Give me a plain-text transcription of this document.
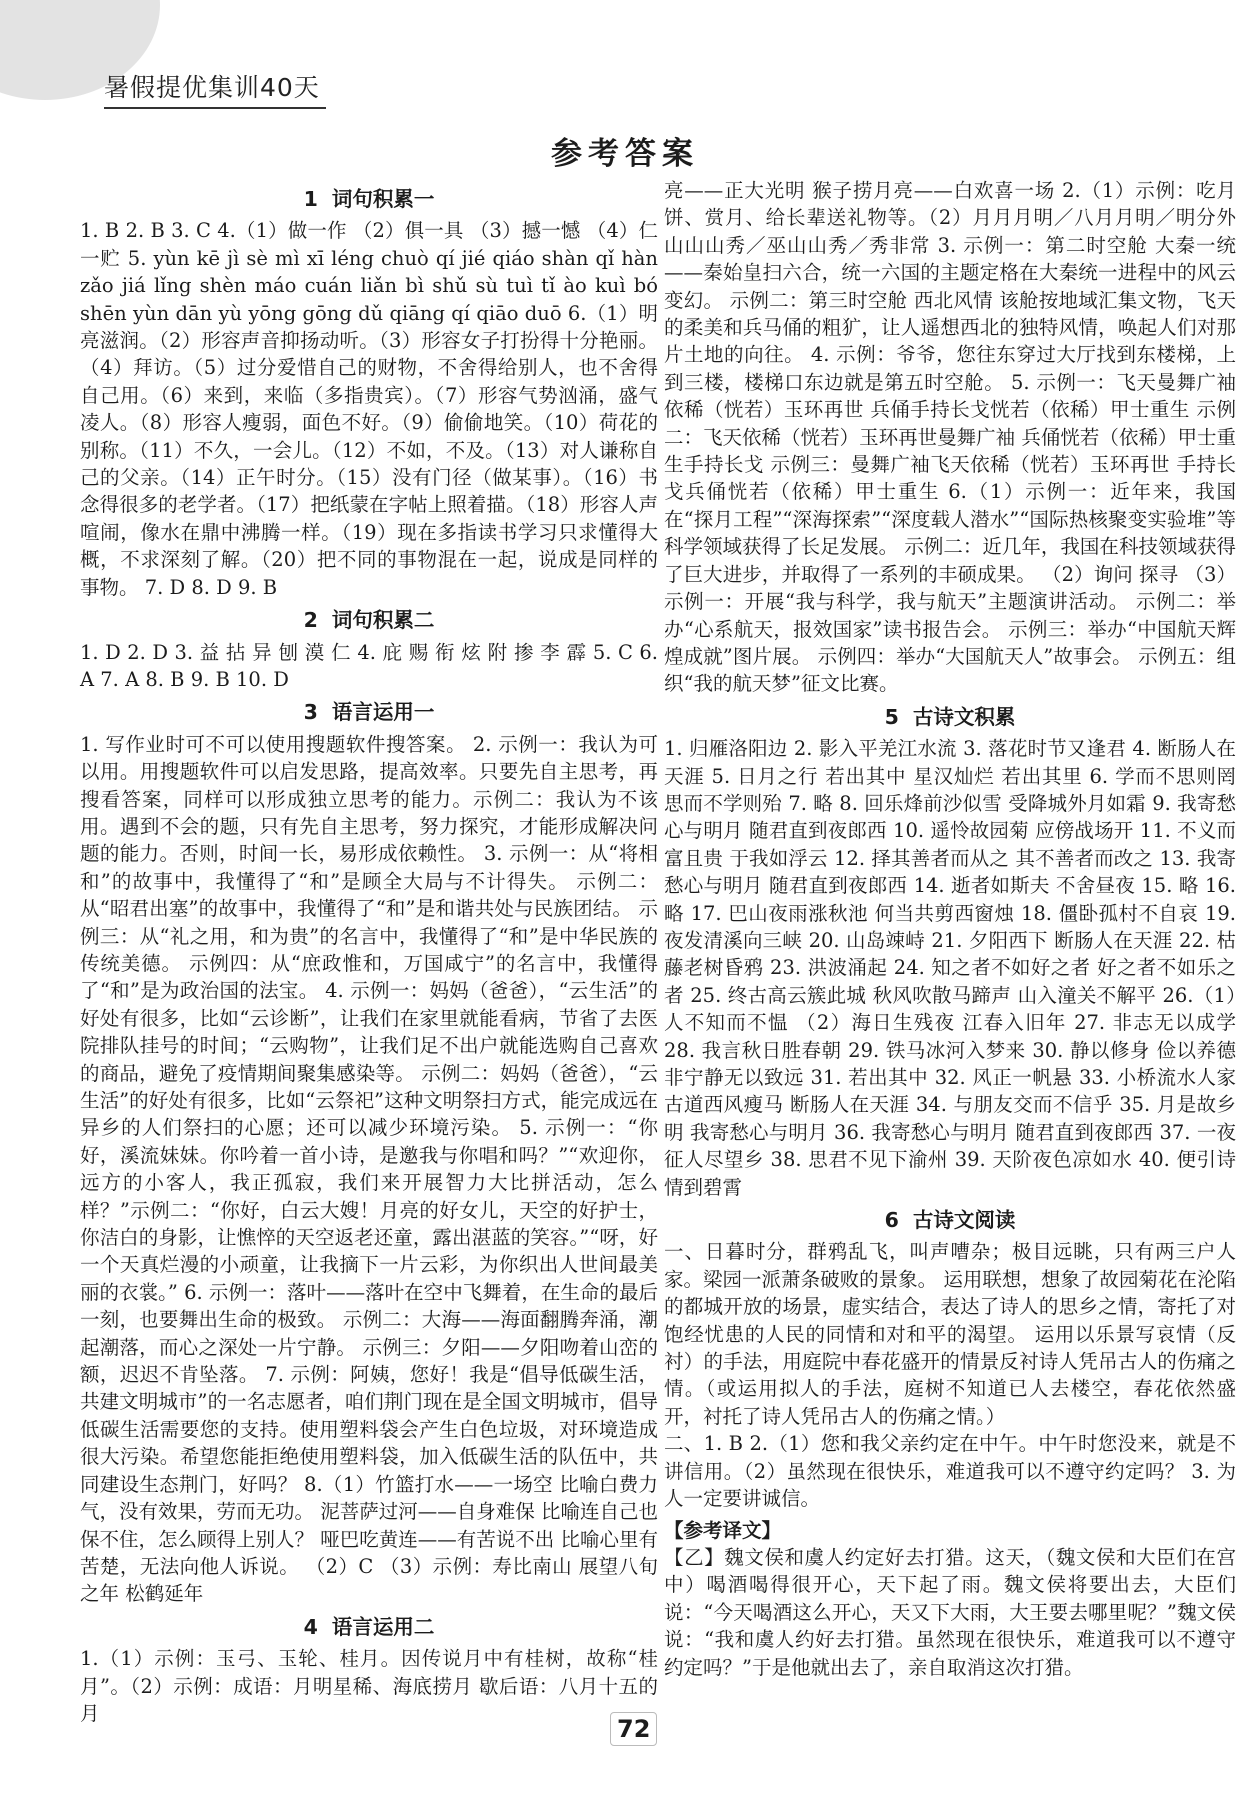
暑假提优集训40天
参考答案
1 词句积累一

1. B 2. B 3. C 4.（1）做一作 （2）俱一具 （3）撼一憾 （4）仁一贮 5. yùn kē jì sè mì xī léng chuò qí jié qiáo shàn qǐ hàn zǎo jiá lǐng shèn máo cuán liǎn bì shǔ sù tuì tǐ ào kuì bó shēn yùn dān yù yōng gōng dǔ qiāng qí qiāo duō 6.（1）明亮滋润。（2）形容声音抑扬动听。（3）形容女子打扮得十分艳丽。（4）拜访。（5）过分爱惜自己的财物，不舍得给别人，也不舍得自己用。（6）来到，来临（多指贵宾）。（7）形容气势汹涌，盛气凌人。（8）形容人瘦弱，面色不好。（9）偷偷地笑。（10）荷花的别称。（11）不久，一会儿。（12）不如，不及。（13）对人谦称自己的父亲。（14）正午时分。（15）没有门径（做某事）。（16）书念得很多的老学者。（17）把纸蒙在字帖上照着描。（18）形容人声喧闹，像水在鼎中沸腾一样。（19）现在多指读书学习只求懂得大概，不求深刻了解。（20）把不同的事物混在一起，说成是同样的事物。 7. D 8. D 9. B

2 词句积累二

1. D 2. D 3. 益 拈 异 刨 漠 仁 4. 庇 赐 衔 炫 附 掺 李 霹 5. C 6. A 7. A 8. B 9. B 10. D

3 语言运用一

1. 写作业时可不可以使用搜题软件搜答案。 2. 示例一：我认为可以用。用搜题软件可以启发思路，提高效率。只要先自主思考，再搜看答案，同样可以形成独立思考的能力。示例二：我认为不该用。遇到不会的题，只有先自主思考，努力探究，才能形成解决问题的能力。否则，时间一长，易形成依赖性。 3. 示例一：从“将相和”的故事中，我懂得了“和”是顾全大局与不计得失。 示例二：从“昭君出塞”的故事中，我懂得了“和”是和谐共处与民族团结。 示例三：从“礼之用，和为贵”的名言中，我懂得了“和”是中华民族的传统美德。 示例四：从“庶政惟和，万国咸宁”的名言中，我懂得了“和”是为政治国的法宝。 4. 示例一：妈妈（爸爸），“云生活”的好处有很多，比如“云诊断”，让我们在家里就能看病，节省了去医院排队挂号的时间；“云购物”，让我们足不出户就能选购自己喜欢的商品，避免了疫情期间聚集感染等。 示例二：妈妈（爸爸），“云生活”的好处有很多，比如“云祭祀”这种文明祭扫方式，能完成远在异乡的人们祭扫的心愿；还可以减少环境污染。 5. 示例一：“你好，溪流妹妹。你吟着一首小诗，是邀我与你唱和吗？”“欢迎你，远方的小客人，我正孤寂，我们来开展智力大比拼活动，怎么样？”示例二：“你好，白云大嫂！月亮的好女儿，天空的好护士，你洁白的身影，让憔悴的天空返老还童，露出湛蓝的笑容。”“呀，好一个天真烂漫的小顽童，让我摘下一片云彩，为你织出人世间最美丽的衣裳。” 6. 示例一：落叶——落叶在空中飞舞着，在生命的最后一刻，也要舞出生命的极致。 示例二：大海——海面翻腾奔涌，潮起潮落，而心之深处一片宁静。 示例三：夕阳——夕阳吻着山峦的额，迟迟不肯坠落。 7. 示例：阿姨，您好！我是“倡导低碳生活，共建文明城市”的一名志愿者，咱们荆门现在是全国文明城市，倡导低碳生活需要您的支持。使用塑料袋会产生白色垃圾，对环境造成很大污染。希望您能拒绝使用塑料袋，加入低碳生活的队伍中，共同建设生态荆门，好吗？ 8.（1）竹篮打水——一场空 比喻白费力气，没有效果，劳而无功。 泥菩萨过河——自身难保 比喻连自己也保不住，怎么顾得上别人？ 哑巴吃黄连——有苦说不出 比喻心里有苦楚，无法向他人诉说。 （2）C （3）示例：寿比南山 展望八旬之年 松鹤延年

4 语言运用二

1.（1）示例：玉弓、玉轮、桂月。因传说月中有桂树，故称“桂月”。（2）示例：成语：月明星稀、海底捞月 歇后语：八月十五的月

亮——正大光明 猴子捞月亮——白欢喜一场 2.（1）示例：吃月饼、赏月、给长辈送礼物等。（2）月月月明／八月月明／明分外 山山山秀／巫山山秀／秀非常 3. 示例一：第二时空舱 大秦一统——秦始皇扫六合，统一六国的主题定格在大秦统一进程中的风云变幻。 示例二：第三时空舱 西北风情 该舱按地域汇集文物，飞天的柔美和兵马俑的粗犷，让人遥想西北的独特风情，唤起人们对那片土地的向往。 4. 示例：爷爷，您往东穿过大厅找到东楼梯，上到三楼，楼梯口东边就是第五时空舱。 5. 示例一：飞天曼舞广袖依稀（恍若）玉环再世 兵俑手持长戈恍若（依稀）甲士重生 示例二：飞天依稀（恍若）玉环再世曼舞广袖 兵俑恍若（依稀）甲士重生手持长戈 示例三：曼舞广袖飞天依稀（恍若）玉环再世 手持长戈兵俑恍若（依稀）甲士重生 6.（1）示例一：近年来，我国在“探月工程”“深海探索”“深度载人潜水”“国际热核聚变实验堆”等科学领域获得了长足发展。 示例二：近几年，我国在科技领域获得了巨大进步，并取得了一系列的丰硕成果。 （2）询问 探寻 （3）示例一：开展“我与科学，我与航天”主题演讲活动。 示例二：举办“心系航天，报效国家”读书报告会。 示例三：举办“中国航天辉煌成就”图片展。 示例四：举办“大国航天人”故事会。 示例五：组织“我的航天梦”征文比赛。

5 古诗文积累

1. 归雁洛阳边 2. 影入平羌江水流 3. 落花时节又逢君 4. 断肠人在天涯 5. 日月之行 若出其中 星汉灿烂 若出其里 6. 学而不思则罔 思而不学则殆 7. 略 8. 回乐烽前沙似雪 受降城外月如霜 9. 我寄愁心与明月 随君直到夜郎西 10. 遥怜故园菊 应傍战场开 11. 不义而富且贵 于我如浮云 12. 择其善者而从之 其不善者而改之 13. 我寄愁心与明月 随君直到夜郎西 14. 逝者如斯夫 不舍昼夜 15. 略 16. 略 17. 巴山夜雨涨秋池 何当共剪西窗烛 18. 僵卧孤村不自哀 19. 夜发清溪向三峡 20. 山岛竦峙 21. 夕阳西下 断肠人在天涯 22. 枯藤老树昏鸦 23. 洪波涌起 24. 知之者不如好之者 好之者不如乐之者 25. 终古高云簇此城 秋风吹散马蹄声 山入潼关不解平 26.（1）人不知而不愠 （2）海日生残夜 江春入旧年 27. 非志无以成学 28. 我言秋日胜春朝 29. 铁马冰河入梦来 30. 静以修身 俭以养德 非宁静无以致远 31. 若出其中 32. 风正一帆悬 33. 小桥流水人家 古道西风瘦马 断肠人在天涯 34. 与朋友交而不信乎 35. 月是故乡明 我寄愁心与明月 36. 我寄愁心与明月 随君直到夜郎西 37. 一夜征人尽望乡 38. 思君不见下渝州 39. 天阶夜色凉如水 40. 便引诗情到碧霄

6 古诗文阅读

一、日暮时分，群鸦乱飞，叫声嘈杂；极目远眺，只有两三户人家。梁园一派萧条破败的景象。 运用联想，想象了故园菊花在沦陷的都城开放的场景，虚实结合，表达了诗人的思乡之情，寄托了对饱经忧患的人民的同情和对和平的渴望。 运用以乐景写哀情（反衬）的手法，用庭院中春花盛开的情景反衬诗人凭吊古人的伤痛之情。（或运用拟人的手法，庭树不知道已人去楼空，春花依然盛开，衬托了诗人凭吊古人的伤痛之情。）

二、1. B 2.（1）您和我父亲约定在中午。中午时您没来，就是不讲信用。（2）虽然现在很快乐，难道我可以不遵守约定吗？ 3. 为人一定要讲诚信。

【参考译文】

【乙】魏文侯和虞人约定好去打猎。这天，（魏文侯和大臣们在宫中）喝酒喝得很开心，天下起了雨。魏文侯将要出去，大臣们说：“今天喝酒这么开心，天又下大雨，大王要去哪里呢？”魏文侯说：“我和虞人约好去打猎。虽然现在很快乐，难道我可以不遵守约定吗？”于是他就出去了，亲自取消这次打猎。

72
